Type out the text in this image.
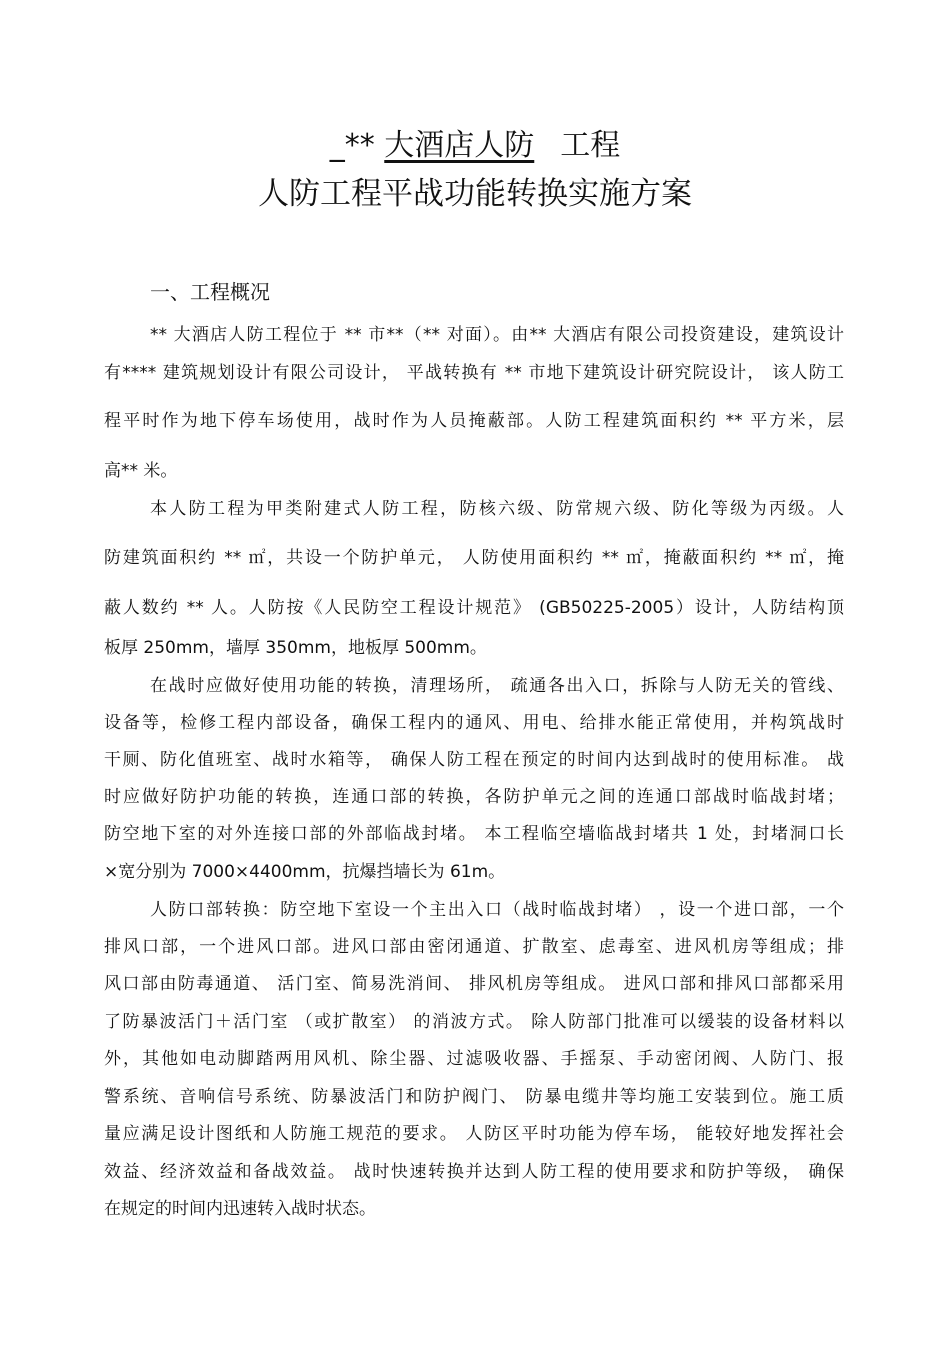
_** 大酒店人防 工程
人防工程平战功能转换实施方案
一、工程概况
** 大酒店人防工程位于 ** 市**（** 对面）。由** 大酒店有限公司投资建设，建筑设计
有**** 建筑规划设计有限公司设计， 平战转换有 ** 市地下建筑设计研究院设计， 该人防工
程平时作为地下停车场使用，战时作为人员掩蔽部。人防工程建筑面积约 ** 平方米，层
高** 米。
本人防工程为甲类附建式人防工程，防核六级、防常规六级、防化等级为丙级。人
防建筑面积约 ** ㎡，共设一个防护单元， 人防使用面积约 ** ㎡，掩蔽面积约 ** ㎡，掩
蔽人数约 ** 人。人防按《人民防空工程设计规范》 (GB50225-2005）设计，人防结构顶
板厚 250mm，墙厚 350mm，地板厚 500mm。
在战时应做好使用功能的转换，清理场所， 疏通各出入口，拆除与人防无关的管线、
设备等，检修工程内部设备，确保工程内的通风、用电、给排水能正常使用，并构筑战时
干厕、防化值班室、战时水箱等， 确保人防工程在预定的时间内达到战时的使用标准。 战
时应做好防护功能的转换，连通口部的转换，各防护单元之间的连通口部战时临战封堵；
防空地下室的对外连接口部的外部临战封堵。 本工程临空墙临战封堵共 1 处，封堵洞口长
×宽分别为 7000×4400mm，抗爆挡墙长为 61m。
人防口部转换：防空地下室设一个主出入口（战时临战封堵） ，设一个进口部，一个
排风口部，一个进风口部。进风口部由密闭通道、扩散室、虑毒室、进风机房等组成；排
风口部由防毒通道、 活门室、简易洗消间、 排风机房等组成。 进风口部和排风口部都采用
了防暴波活门＋活门室 （或扩散室） 的消波方式。 除人防部门批准可以缓装的设备材料以
外，其他如电动脚踏两用风机、除尘器、过滤吸收器、手摇泵、手动密闭阀、人防门、报
警系统、音响信号系统、防暴波活门和防护阀门、 防暴电缆井等均施工安装到位。施工质
量应满足设计图纸和人防施工规范的要求。 人防区平时功能为停车场， 能较好地发挥社会
效益、经济效益和备战效益。 战时快速转换并达到人防工程的使用要求和防护等级， 确保
在规定的时间内迅速转入战时状态。
